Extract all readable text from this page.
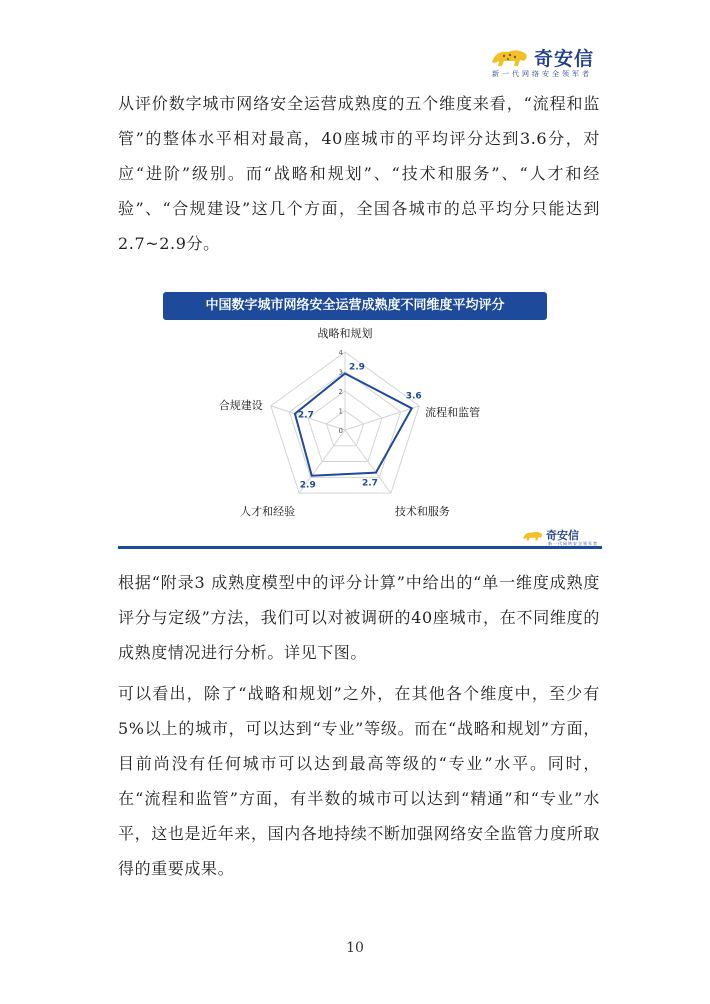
奇安信
新一代网络安全领军者

从评价数字城市网络安全运营成熟度的五个维度来看，“流程和监管”的整体水平相对最高，40座城市的平均评分达到3.6分，对应“进阶”级别。而“战略和规划”、“技术和服务”、“人才和经验”、“合规建设”这几个方面，全国各城市的总平均分只能达到2.7~2.9分。

中国数字城市网络安全运营成熟度不同维度平均评分
0
1
2
3
4
战略和规划
流程和监管
技术和服务
人才和经验
合规建设
2.9
3.6
2.7
2.9
2.7
奇安信
新一代网络安全领军者

根据“附录3 成熟度模型中的评分计算”中给出的“单一维度成熟度评分与定级”方法，我们可以对被调研的40座城市，在不同维度的成熟度情况进行分析。详见下图。

可以看出，除了“战略和规划”之外，在其他各个维度中，至少有5%以上的城市，可以达到“专业”等级。而在“战略和规划”方面，目前尚没有任何城市可以达到最高等级的“专业”水平。同时，在“流程和监管”方面，有半数的城市可以达到“精通”和“专业”水平，这也是近年来，国内各地持续不断加强网络安全监管力度所取得的重要成果。

10
